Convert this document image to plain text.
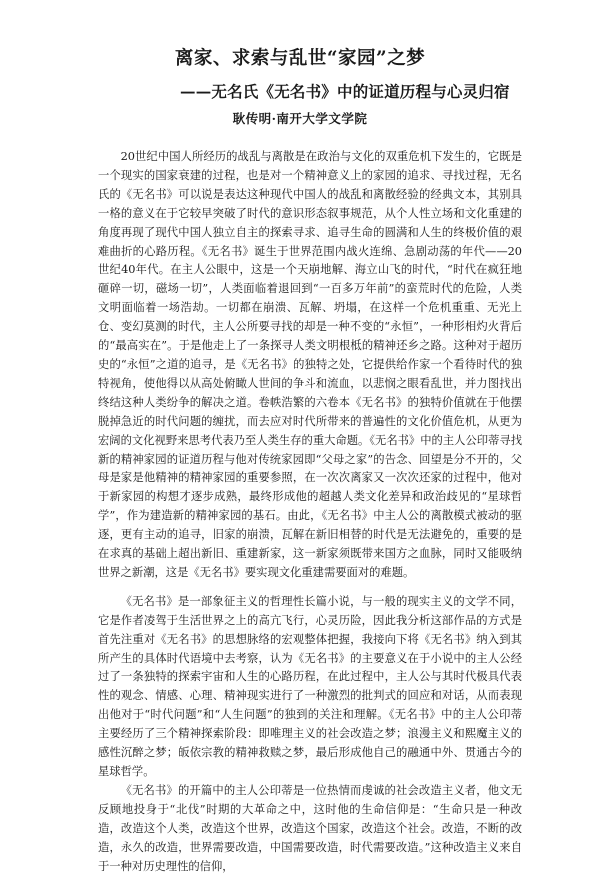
离家、求索与乱世“家园”之梦
——无名氏《无名书》中的证道历程与心灵归宿
耿传明·南开大学文学院

20世纪中国人所经历的战乱与离散是在政治与文化的双重危机下发生的，它既是一个现实的国家衰建的过程，也是对一个精神意义上的家园的追求、寻找过程，无名氏的《无名书》可以说是表达这种现代中国人的战乱和离散经验的经典文本，其别具一格的意义在于它较早突破了时代的意识形态叙事规范，从个人性立场和文化重建的角度再现了现代中国人独立自主的探索寻求、追寻生命的圆满和人生的终极价值的艰难曲折的心路历程。《无名书》诞生于世界范围内战火连绵、急剧动荡的年代——20世纪40年代。在主人公眼中，这是一个天崩地解、海立山飞的时代，“时代在疯狂地砸碎一切，磁场一切”，人类面临着退回到“一百多万年前”的蛮荒时代的危险，人类文明面临着一场浩劫。一切都在崩溃、瓦解、坍塌，在这样一个危机重重、无光上仓、变幻莫测的时代，主人公所要寻找的却是一种不变的“永恒”，一种形相灼火背后的“最高实在”。于是他走上了一条探寻人类文明根柢的精神还乡之路。这种对于超历史的“永恒”之道的追寻，是《无名书》的独特之处，它提供给作家一个看待时代的独特视角，使他得以从高处俯瞰人世间的争斗和流血，以悲悯之眼看乱世，并力图找出终结这种人类纷争的解决之道。卷帙浩繁的六卷本《无名书》的独特价值就在于他摆脱掉急近的时代问题的缠扰，而去应对时代所带来的普遍性的文化价值危机，从更为宏阔的文化视野来思考代表乃至人类生存的重大命题。《无名书》中的主人公印蒂寻找新的精神家园的证道历程与他对传统家园即“父母之家”的告念、回望是分不开的，父母是家是他精神的精神家园的重要参照，在一次次离家又一次次还家的过程中，他对于新家园的构想才逐步成熟，最终形成他的超越人类文化差异和政治歧见的“星球哲学”，作为建造新的精神家园的基石。由此，《无名书》中主人公的离散模式被动的驱逐，更有主动的追寻，旧家的崩溃，瓦解在新旧相替的时代是无法避免的，重要的是在求真的基础上超出新旧、重建新家，这一新家须既带来国方之血脉，同时又能吸纳世界之新潮，这是《无名书》要实现文化重建需要面对的难题。

《无名书》是一部象征主义的哲理性长篇小说，与一般的现实主义的文学不同，它是作者凌驾于生活世界之上的高亢飞行，心灵历险，因此我分析这部作品的方式是首先注重对《无名书》的思想脉络的宏观整体把握，我接向下将《无名书》纳入到其所产生的具体时代语境中去考察，认为《无名书》的主要意义在于小说中的主人公经过了一条独特的探索宇宙和人生的心路历程，在此过程中，主人公与其时代极具代表性的观念、情感、心理、精神现实进行了一种激烈的批判式的回应和对话，从而表现出他对于“时代问题”和“人生问题”的独到的关注和理解。《无名书》中的主人公印蒂主要经历了三个精神探索阶段：即唯理主义的社会改造之梦；浪漫主义和熙魔主义的感性沉醉之梦；皈依宗教的精神救赎之梦，最后形成他自己的融通中外、贯通古今的星球哲学。

《无名书》的开篇中的主人公印蒂是一位热情而虔诚的社会改造主义者，他文无反顾地投身于“北伐”时期的大革命之中，这时他的生命信仰是：“生命只是一种改造，改造这个人类，改造这个世界，改造这个国家，改造这个社会。改造，不断的改造，永久的改造，世界需要改造，中国需要改造，时代需要改造。”这种改造主义来自于一种对历史理性的信仰，
